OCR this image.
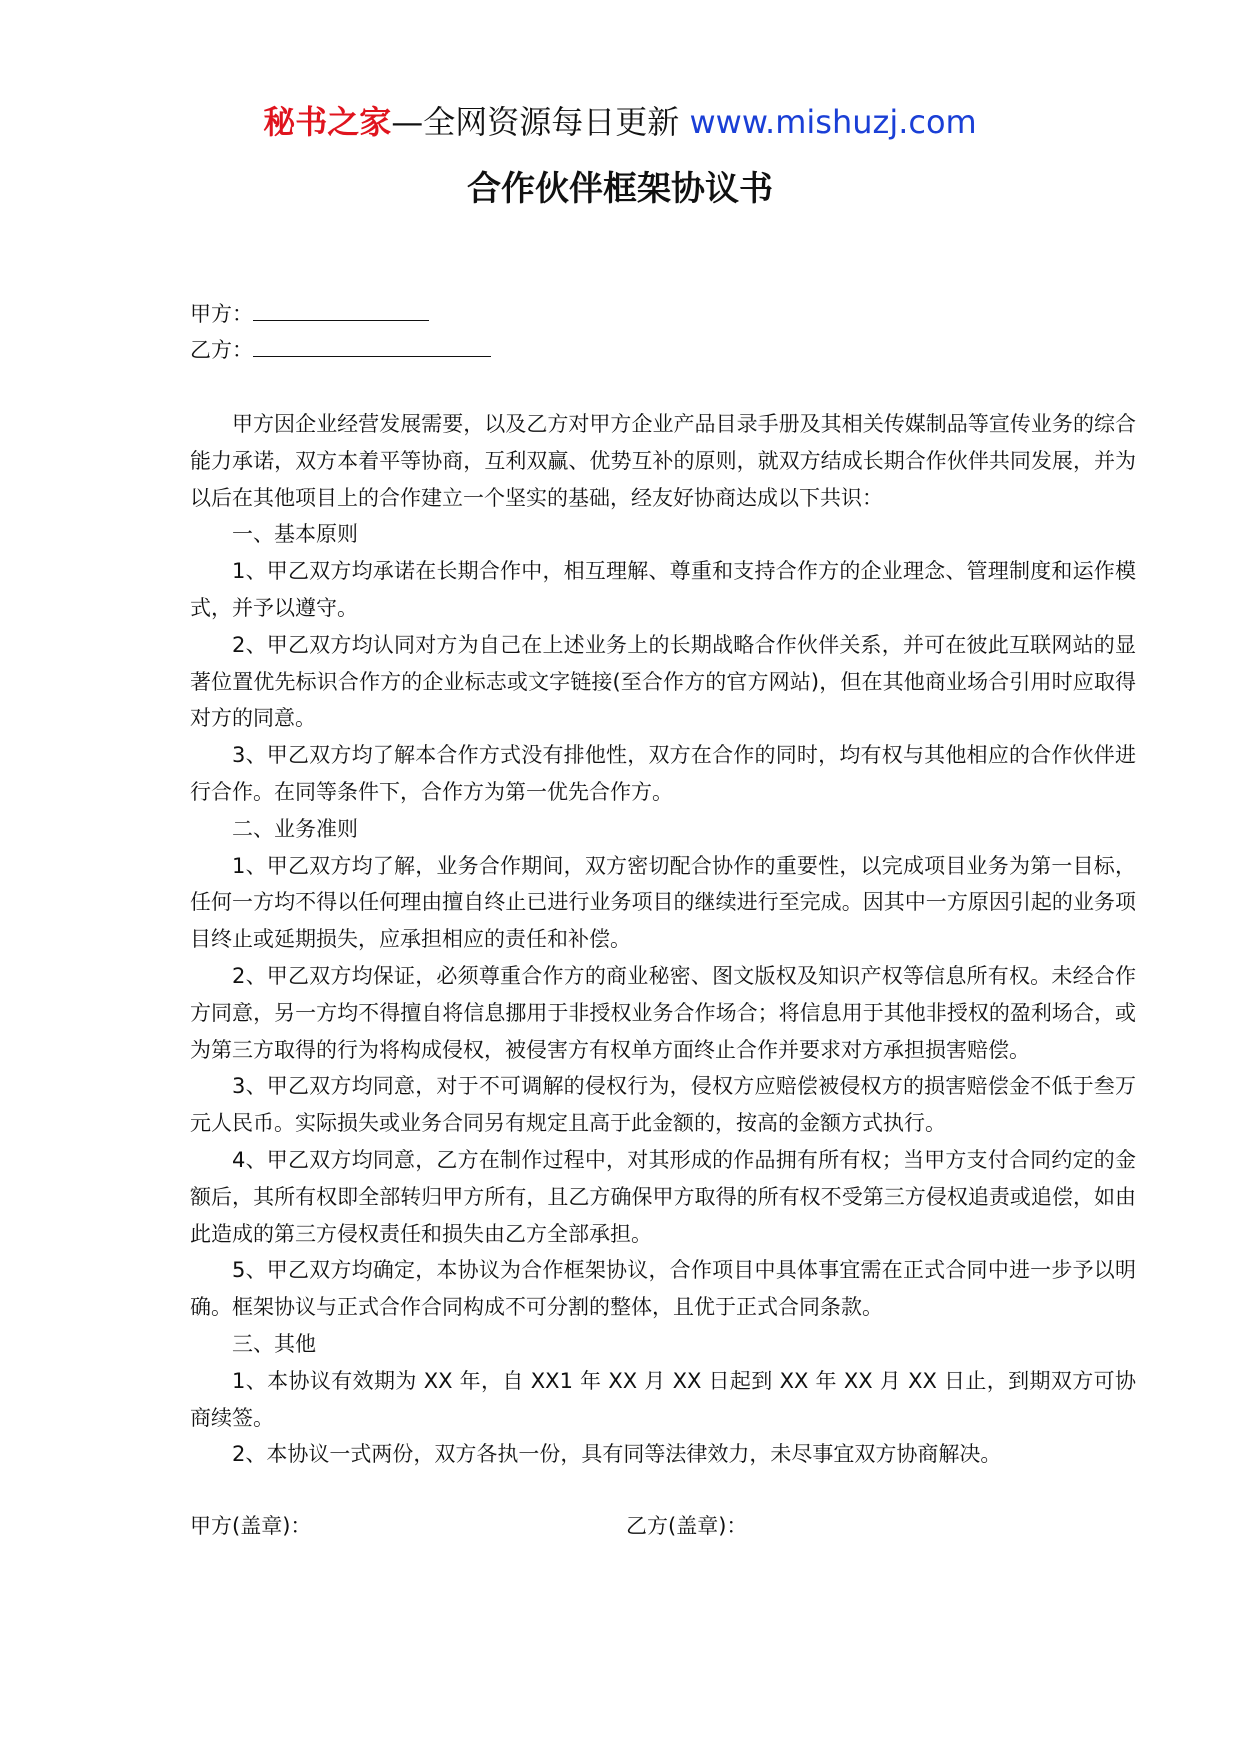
秘书之家—全网资源每日更新 www.mishuzj.com
合作伙伴框架协议书
甲方：
乙方：

甲方因企业经营发展需要，以及乙方对甲方企业产品目录手册及其相关传媒制品等宣传业务的综合能力承诺，双方本着平等协商，互利双赢、优势互补的原则，就双方结成长期合作伙伴共同发展，并为以后在其他项目上的合作建立一个坚实的基础，经友好协商达成以下共识：

一、基本原则

1、甲乙双方均承诺在长期合作中，相互理解、尊重和支持合作方的企业理念、管理制度和运作模式，并予以遵守。

2、甲乙双方均认同对方为自己在上述业务上的长期战略合作伙伴关系，并可在彼此互联网站的显著位置优先标识合作方的企业标志或文字链接(至合作方的官方网站)，但在其他商业场合引用时应取得对方的同意。

3、甲乙双方均了解本合作方式没有排他性，双方在合作的同时，均有权与其他相应的合作伙伴进行合作。在同等条件下，合作方为第一优先合作方。

二、业务准则

1、甲乙双方均了解，业务合作期间，双方密切配合协作的重要性，以完成项目业务为第一目标，任何一方均不得以任何理由擅自终止已进行业务项目的继续进行至完成。因其中一方原因引起的业务项目终止或延期损失，应承担相应的责任和补偿。

2、甲乙双方均保证，必须尊重合作方的商业秘密、图文版权及知识产权等信息所有权。未经合作方同意，另一方均不得擅自将信息挪用于非授权业务合作场合；将信息用于其他非授权的盈利场合，或为第三方取得的行为将构成侵权，被侵害方有权单方面终止合作并要求对方承担损害赔偿。

3、甲乙双方均同意，对于不可调解的侵权行为，侵权方应赔偿被侵权方的损害赔偿金不低于叁万元人民币。实际损失或业务合同另有规定且高于此金额的，按高的金额方式执行。

4、甲乙双方均同意，乙方在制作过程中，对其形成的作品拥有所有权；当甲方支付合同约定的金额后，其所有权即全部转归甲方所有，且乙方确保甲方取得的所有权不受第三方侵权追责或追偿，如由此造成的第三方侵权责任和损失由乙方全部承担。

5、甲乙双方均确定，本协议为合作框架协议，合作项目中具体事宜需在正式合同中进一步予以明确。框架协议与正式合作合同构成不可分割的整体，且优于正式合同条款。

三、其他

1、本协议有效期为 XX 年，自 XX1 年 XX 月 XX 日起到 XX 年 XX 月 XX 日止，到期双方可协商续签。

2、本协议一式两份，双方各执一份，具有同等法律效力，未尽事宜双方协商解决。

甲方(盖章)：	乙方(盖章)：
